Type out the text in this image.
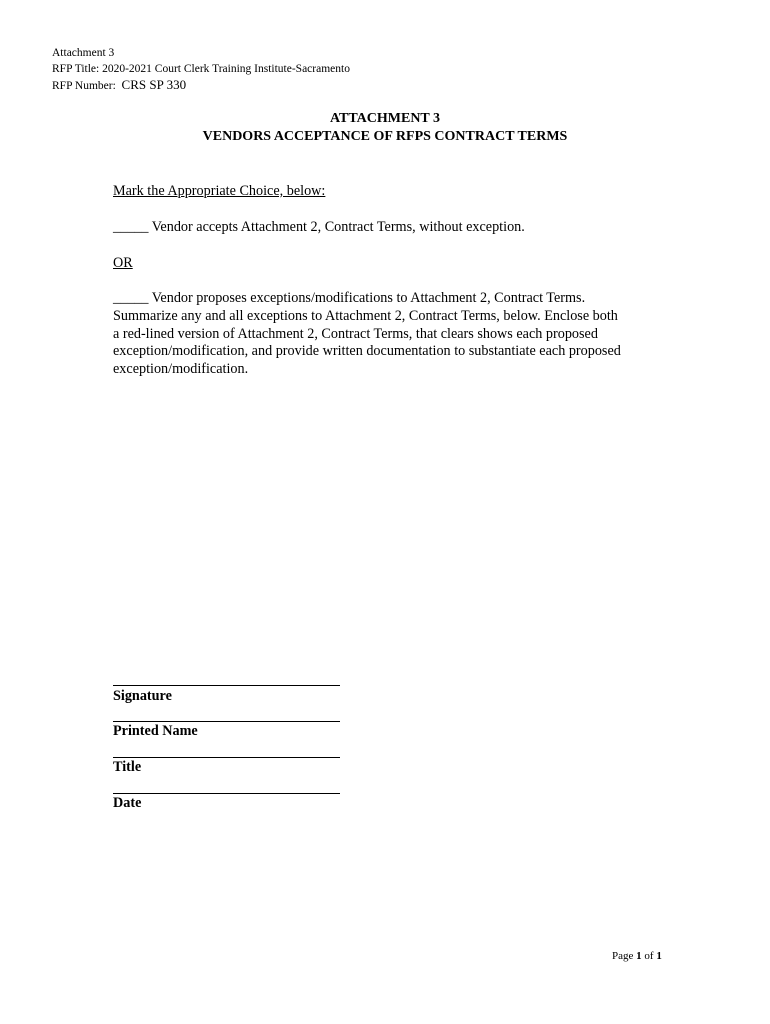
Attachment 3
RFP Title: 2020-2021 Court Clerk Training Institute-Sacramento
RFP Number: CRS SP 330
ATTACHMENT 3
VENDORS ACCEPTANCE OF RFPS CONTRACT TERMS
Mark the Appropriate Choice, below:
_____ Vendor accepts Attachment 2, Contract Terms, without exception.
OR
_____ Vendor proposes exceptions/modifications to Attachment 2, Contract Terms.
Summarize any and all exceptions to Attachment 2, Contract Terms, below. Enclose both
a red-lined version of Attachment 2, Contract Terms, that clears shows each proposed
exception/modification, and provide written documentation to substantiate each proposed
exception/modification.
Signature
Printed Name
Title
Date
Page 1 of 1
